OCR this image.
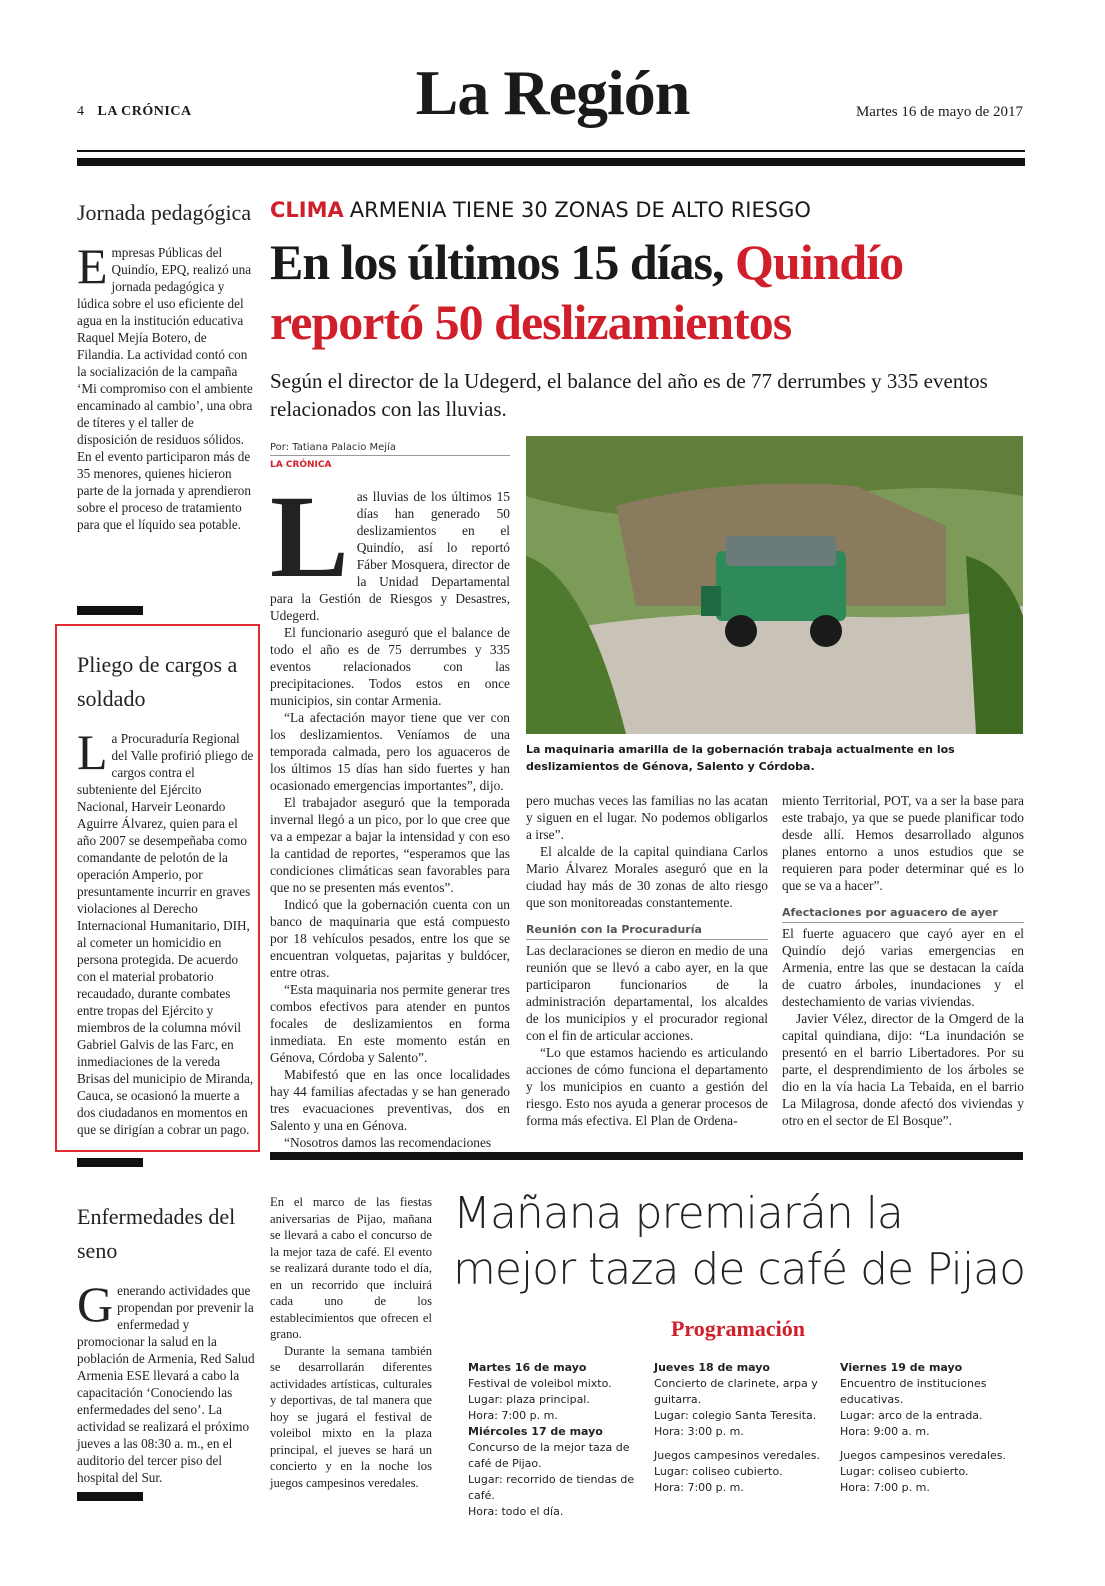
4 LA CRÓNICA	La Región	Martes 16 de mayo de 2017
Jornada pedagógica
Empresas Públicas del Quindío, EPQ, realizó una jornada pedagógica y lúdica sobre el uso eficiente del agua en la institución educativa Raquel Mejía Botero, de Filandia. La actividad contó con la socialización de la campaña ‘Mi compromiso con el ambiente encaminado al cambio’, una obra de títeres y el taller de disposición de residuos sólidos. En el evento participaron más de 35 menores, quienes hicieron parte de la jornada y aprendieron sobre el proceso de tratamiento para que el líquido sea potable.
Pliego de cargos a soldado
La Procuraduría Regional del Valle profirió pliego de cargos contra el subteniente del Ejército Nacional, Harveir Leonardo Aguirre Álvarez, quien para el año 2007 se desempeñaba como comandante de pelotón de la operación Amperio, por presuntamente incurrir en graves violaciones al Derecho Internacional Humanitario, DIH, al cometer un homicidio en persona protegida. De acuerdo con el material probatorio recaudado, durante combates entre tropas del Ejército y miembros de la columna móvil Gabriel Galvis de las Farc, en inmediaciones de la vereda Brisas del municipio de Miranda, Cauca, se ocasionó la muerte a dos ciudadanos en momentos en que se dirigían a cobrar un pago.
Enfermedades del seno
Generando actividades que propendan por prevenir la enfermedad y promocionar la salud en la población de Armenia, Red Salud Armenia ESE llevará a cabo la capacitación ‘Conociendo las enfermedades del seno’. La actividad se realizará el próximo jueves a las 08:30 a. m., en el auditorio del tercer piso del hospital del Sur.
CLIMA ARMENIA TIENE 30 ZONAS DE ALTO RIESGO
En los últimos 15 días, Quindío reportó 50 deslizamientos
Según el director de la Udegerd, el balance del año es de 77 derrumbes y 335 eventos relacionados con las lluvias.
Por: Tatiana Palacio Mejía
LA CRÓNICA

Las lluvias de los últimos 15 días han generado 50 deslizamientos en el Quindío, así lo reportó Fáber Mosquera, director de la Unidad Departamental para la Gestión de Riesgos y Desastres, Udegerd.

El funcionario aseguró que el balance de todo el año es de 75 derrumbes y 335 eventos relacionados con las precipitaciones. Todos estos en once municipios, sin contar Armenia.

“La afectación mayor tiene que ver con los deslizamientos. Veníamos de una temporada calmada, pero los aguaceros de los últimos 15 días han sido fuertes y han ocasionado emergencias importantes”, dijo.

El trabajador aseguró que la temporada invernal llegó a un pico, por lo que cree que va a empezar a bajar la intensidad y con eso la cantidad de reportes, “esperamos que las condiciones climáticas sean favorables para que no se presenten más eventos”.

Indicó que la gobernación cuenta con un banco de maquinaria que está compuesto por 18 vehículos pesados, entre los que se encuentran volquetas, pajaritas y buldócer, entre otras.

“Esta maquinaria nos permite generar tres combos efectivos para atender en puntos focales de deslizamientos en forma inmediata. En este momento están en Génova, Córdoba y Salento”.

Mabifestó que en las once localidades hay 44 familias afectadas y se han generado tres evacuaciones preventivas, dos en Salento y una en Génova.

“Nosotros damos las recomendaciones

La maquinaria amarilla de la gobernación trabaja actualmente en los deslizamientos de Génova, Salento y Córdoba.

pero muchas veces las familias no las acatan y siguen en el lugar. No podemos obligarlos a irse”.

El alcalde de la capital quindiana Carlos Mario Álvarez Morales aseguró que en la ciudad hay más de 30 zonas de alto riesgo que son monitoreadas constantemente.

Reunión con la Procuraduría

Las declaraciones se dieron en medio de una reunión que se llevó a cabo ayer, en la que participaron funcionarios de la administración departamental, los alcaldes de los municipios y el procurador regional con el fin de articular acciones.

“Lo que estamos haciendo es articulando acciones de cómo funciona el departamento y los municipios en cuanto a gestión del riesgo. Esto nos ayuda a generar procesos de forma más efectiva. El Plan de Ordena-

miento Territorial, POT, va a ser la base para este trabajo, ya que se puede planificar todo desde allí. Hemos desarrollado algunos planes entorno a unos estudios que se requieren para poder determinar qué es lo que se va a hacer”.

Afectaciones por aguacero de ayer

El fuerte aguacero que cayó ayer en el Quindío dejó varias emergencias en Armenia, entre las que se destacan la caída de cuatro árboles, inundaciones y el destechamiento de varias viviendas.

Javier Vélez, director de la Omgerd de la capital quindiana, dijo: “La inundación se presentó en el barrio Libertadores. Por su parte, el desprendimiento de los árboles se dio en la vía hacia La Tebaida, en el barrio La Milagrosa, donde afectó dos viviendas y otro en el sector de El Bosque”.

En el marco de las fiestas aniversarias de Pijao, mañana se llevará a cabo el concurso de la mejor taza de café. El evento se realizará durante todo el día, en un recorrido que incluirá cada uno de los establecimientos que ofrecen el grano.

Durante la semana también se desarrollarán diferentes actividades artísticas, culturales y deportivas, de tal manera que hoy se jugará el festival de voleibol mixto en la plaza principal, el jueves se hará un concierto y en la noche los juegos campesinos veredales.

Mañana premiarán la mejor taza de café de Pijao
Programación
Martes 16 de mayo
Festival de voleibol mixto.
Lugar: plaza principal.
Hora: 7:00 p. m.
Miércoles 17 de mayo
Concurso de la mejor taza de café de Pijao.
Lugar: recorrido de tiendas de café.
Hora: todo el día.
Jueves 18 de mayo
Concierto de clarinete, arpa y guitarra.
Lugar: colegio Santa Teresita.
Hora: 3:00 p. m.
Juegos campesinos veredales.
Lugar: coliseo cubierto.
Hora: 7:00 p. m.
Viernes 19 de mayo
Encuentro de instituciones educativas.
Lugar: arco de la entrada.
Hora: 9:00 a. m.
Juegos campesinos veredales.
Lugar: coliseo cubierto.
Hora: 7:00 p. m.
